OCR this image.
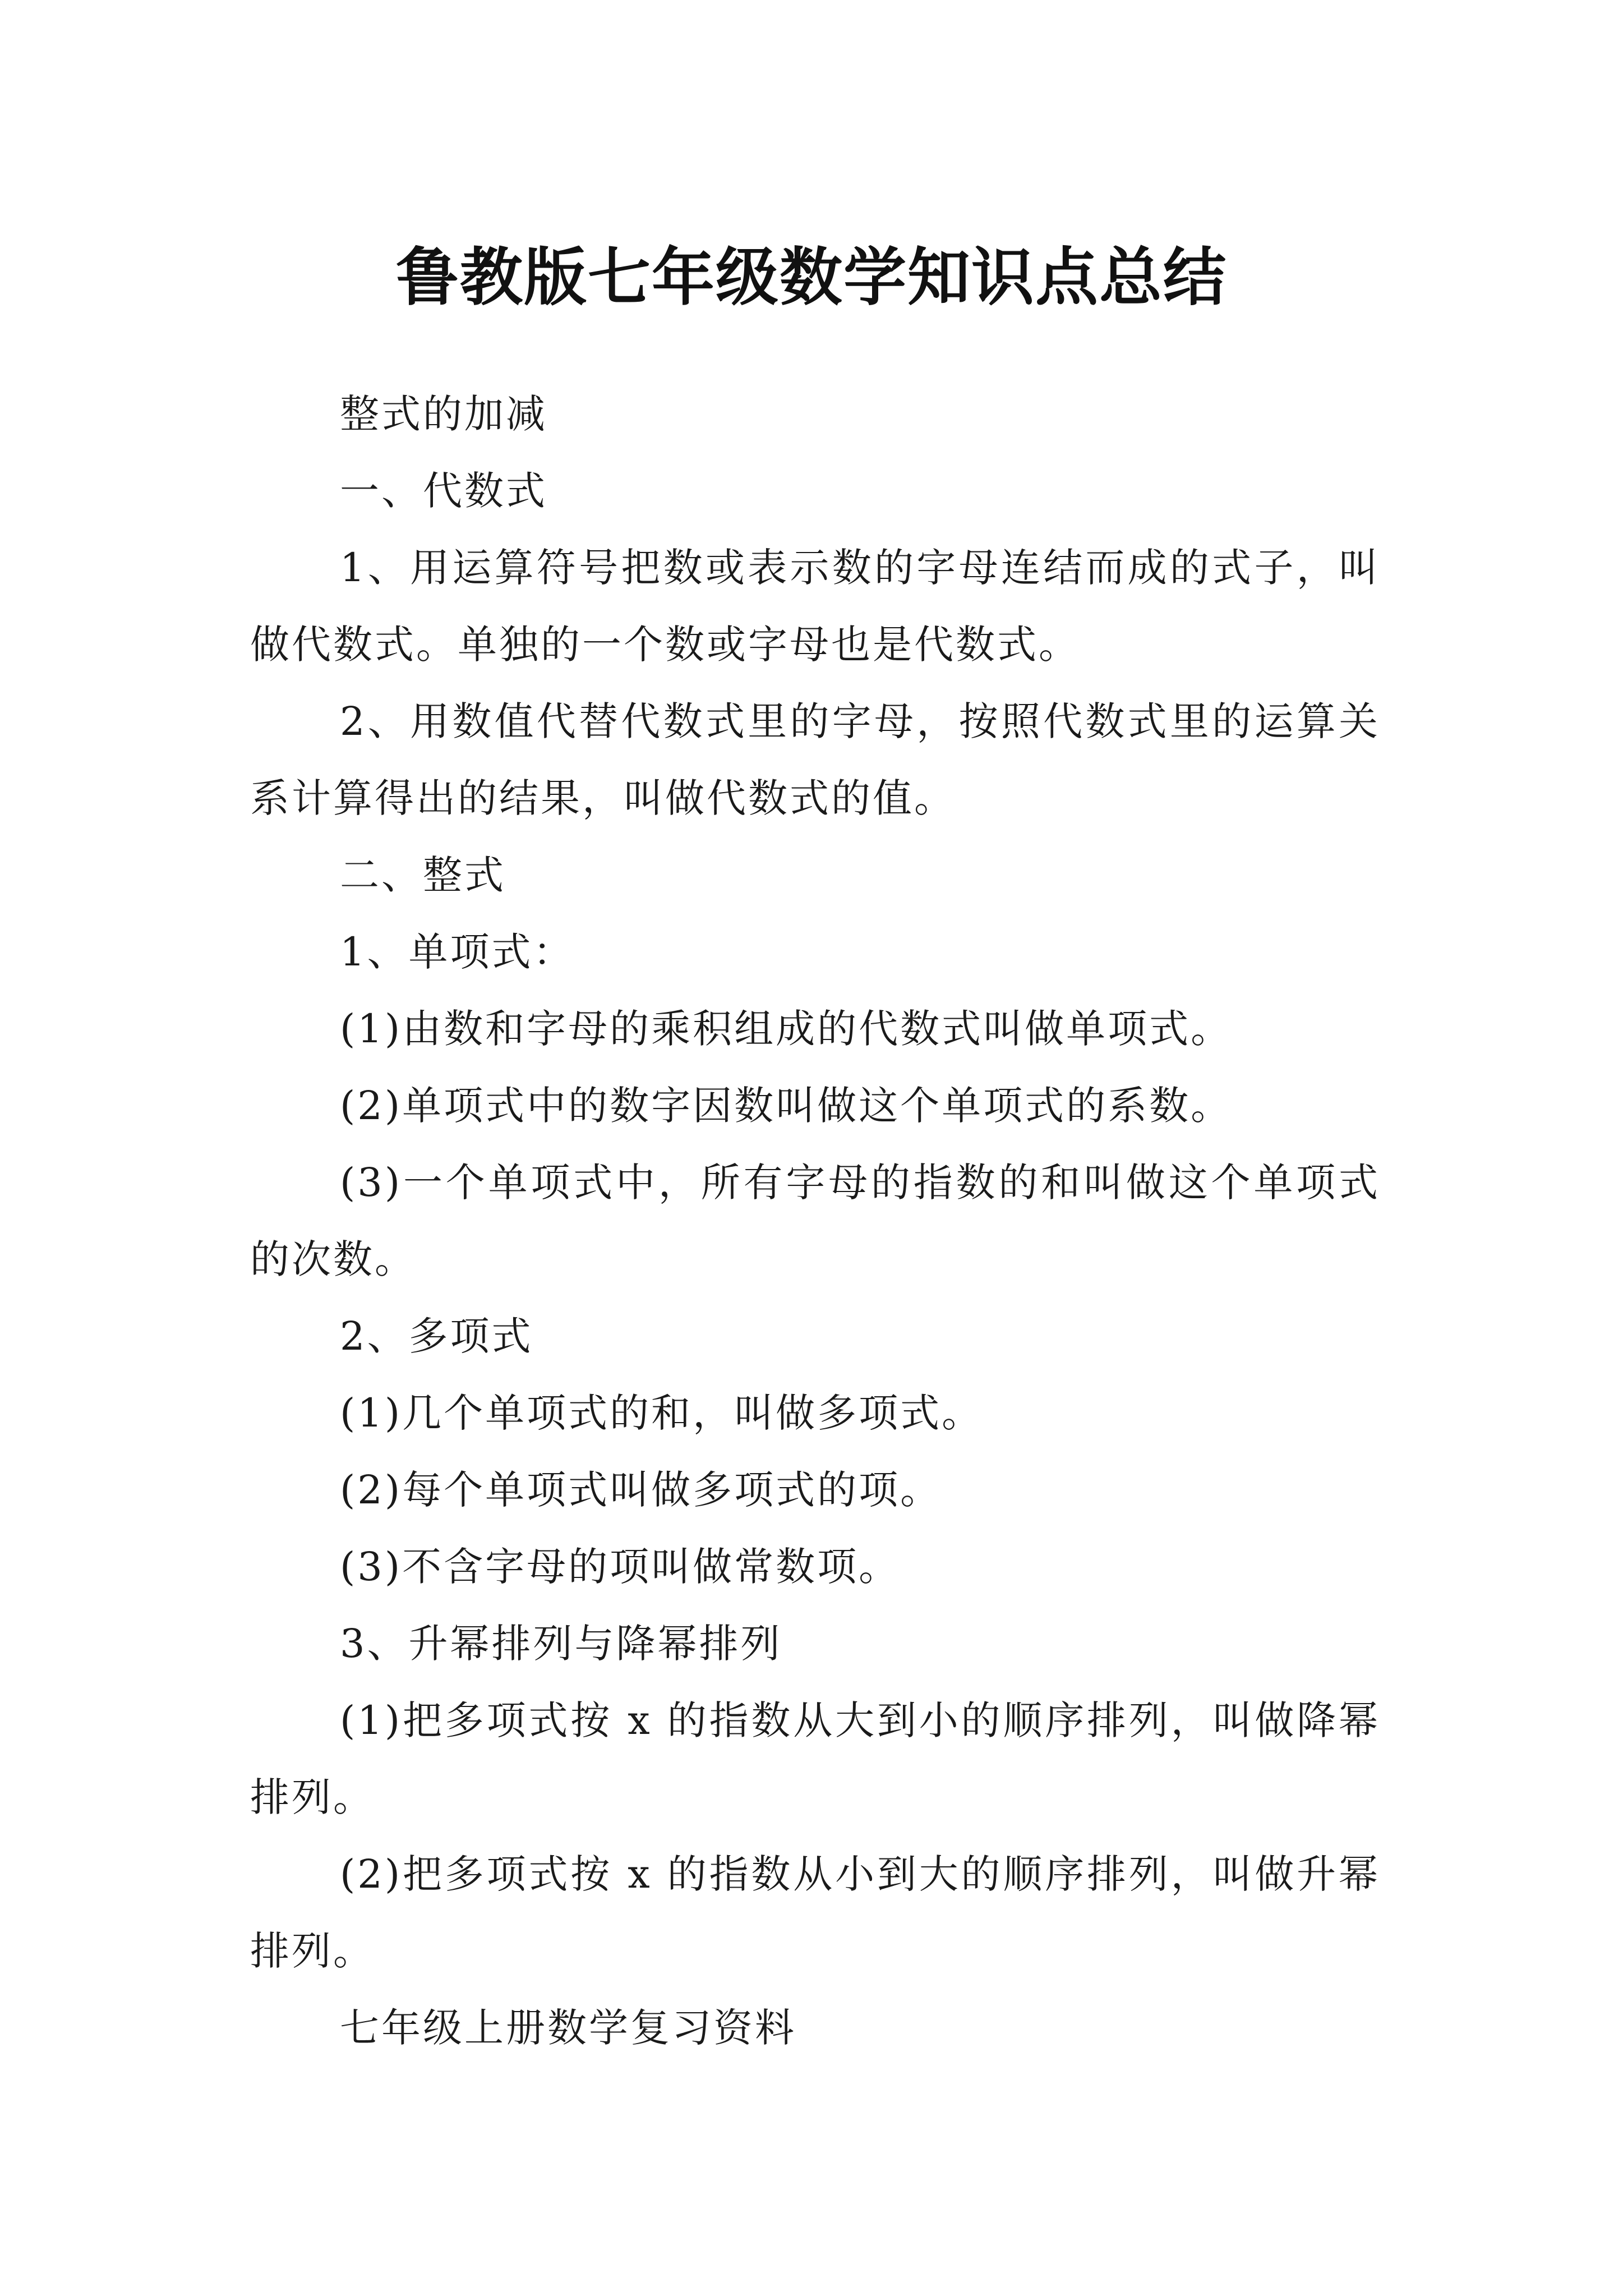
鲁教版七年级数学知识点总结

整式的加减

一、代数式

1、用运算符号把数或表示数的字母连结而成的式子，叫做代数式。单独的一个数或字母也是代数式。

2、用数值代替代数式里的字母，按照代数式里的运算关系计算得出的结果，叫做代数式的值。

二、整式

1、单项式：

(1)由数和字母的乘积组成的代数式叫做单项式。

(2)单项式中的数字因数叫做这个单项式的系数。

(3)一个单项式中，所有字母的指数的和叫做这个单项式的次数。

2、多项式

(1)几个单项式的和，叫做多项式。

(2)每个单项式叫做多项式的项。

(3)不含字母的项叫做常数项。

3、升幂排列与降幂排列

(1)把多项式按 x 的指数从大到小的顺序排列，叫做降幂排列。

(2)把多项式按 x 的指数从小到大的顺序排列，叫做升幂排列。

七年级上册数学复习资料
